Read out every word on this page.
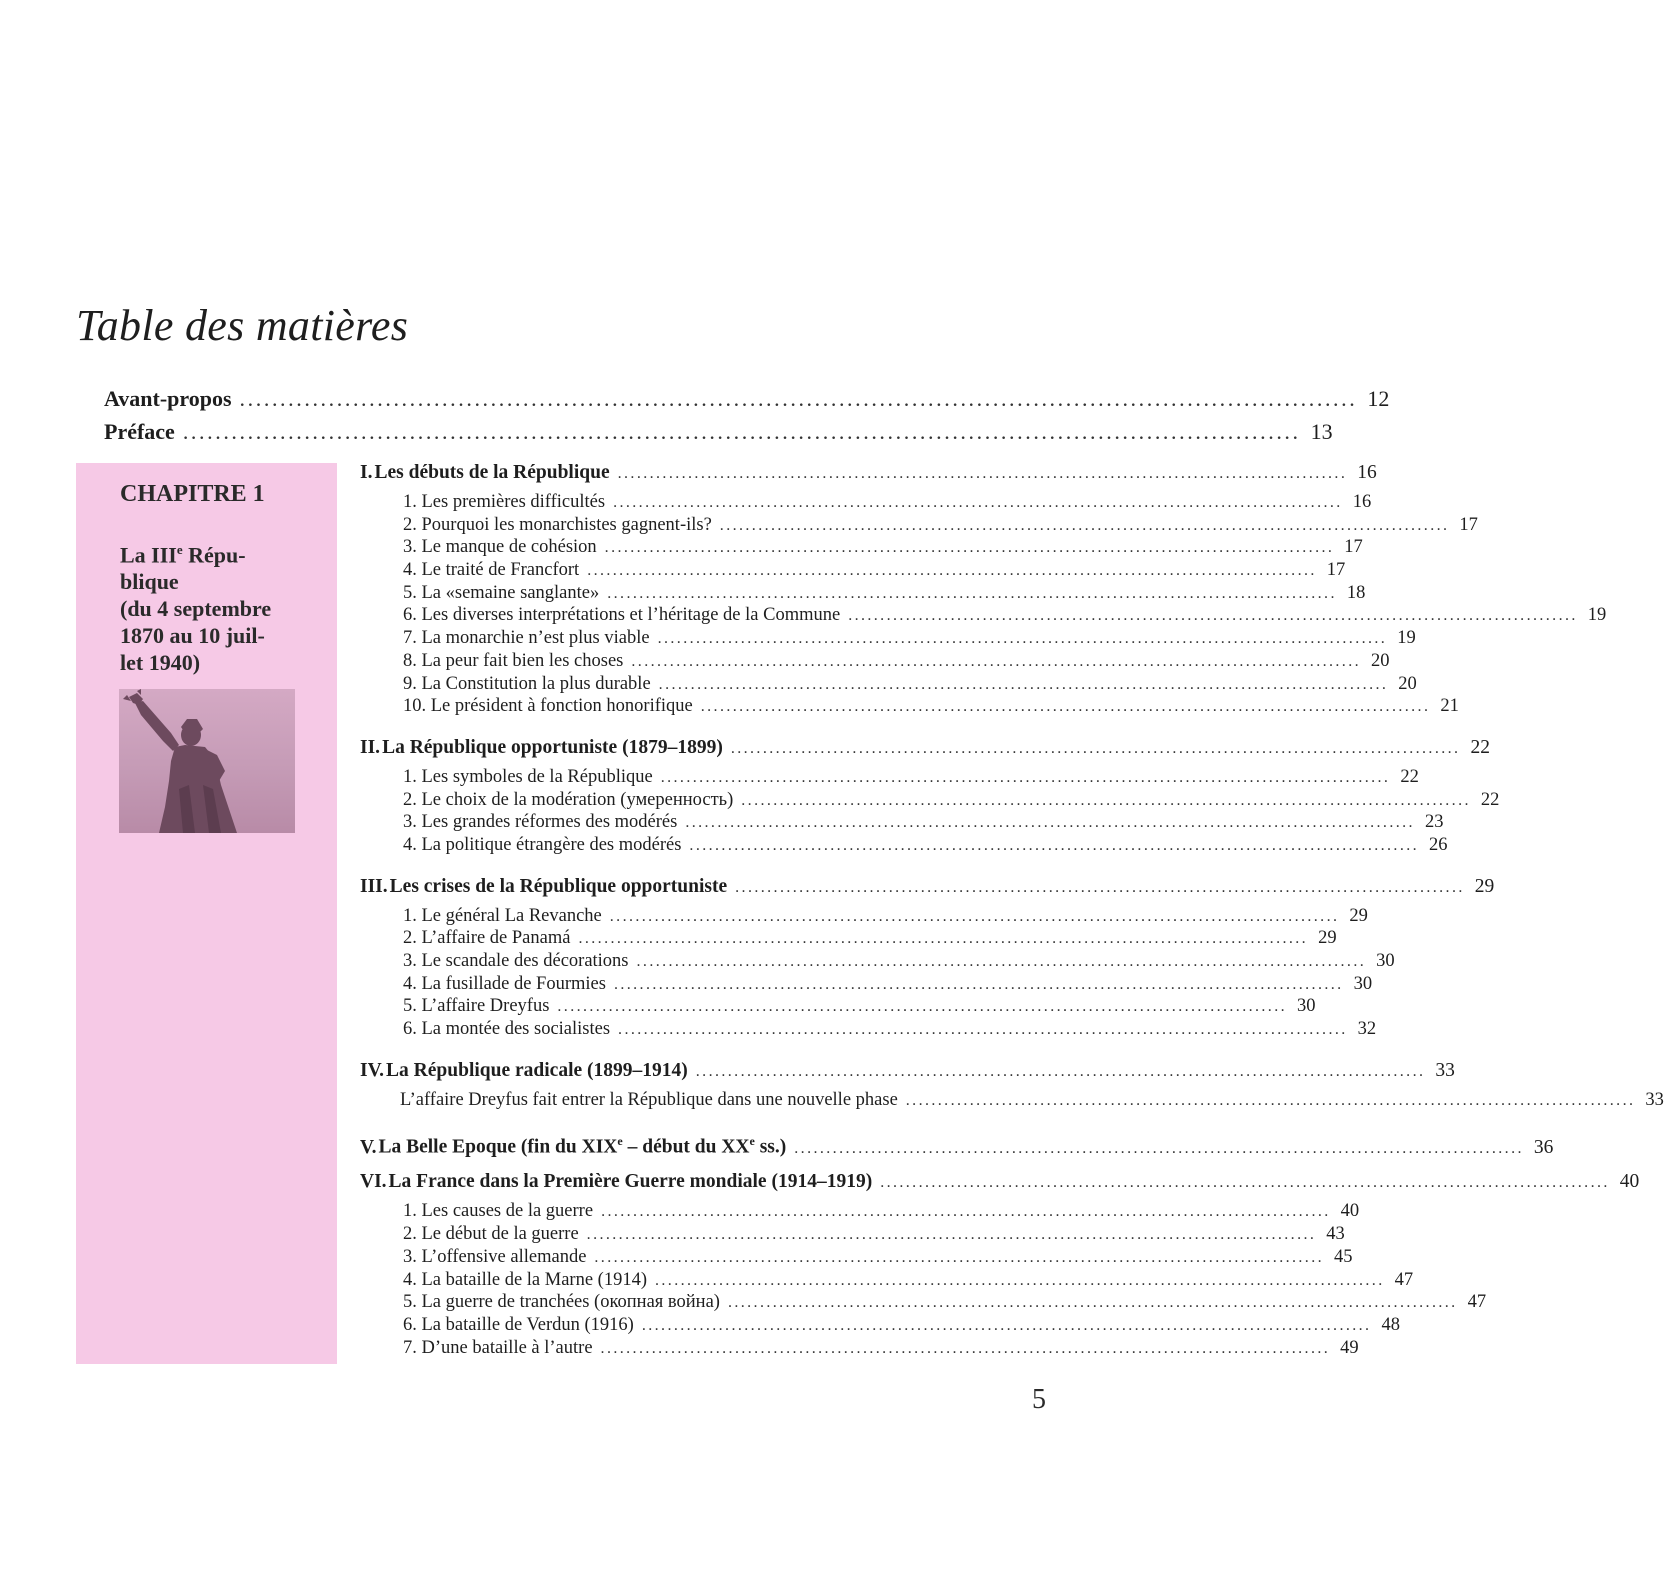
Table des matières
Avant-propos .......................................................................................................................................... 12
Préface .......................................................................................................................................... 13
CHAPITRE 1
La IIIe Répu-
blique
(du 4 septembre
1870 au 10 juil-
let 1940)
I. Les débuts de la République .................................................................................................................. 16
1. Les premières difficultés .................................................................................................................. 16
2. Pourquoi les monarchistes gagnent-ils? .................................................................................................................. 17
3. Le manque de cohésion .................................................................................................................. 17
4. Le traité de Francfort .................................................................................................................. 17
5. La «semaine sanglante» .................................................................................................................. 18
6. Les diverses interprétations et l’héritage de la Commune .................................................................................................................. 19
7. La monarchie n’est plus viable .................................................................................................................. 19
8. La peur fait bien les choses .................................................................................................................. 20
9. La Constitution la plus durable .................................................................................................................. 20
10. Le président à fonction honorifique .................................................................................................................. 21
II. La République opportuniste (1879–1899) .................................................................................................................. 22
1. Les symboles de la République .................................................................................................................. 22
2. Le choix de la modération (умеренность) .................................................................................................................. 22
3. Les grandes réformes des modérés .................................................................................................................. 23
4. La politique étrangère des modérés .................................................................................................................. 26
III. Les crises de la République opportuniste .................................................................................................................. 29
1. Le général La Revanche .................................................................................................................. 29
2. L’affaire de Panamá .................................................................................................................. 29
3. Le scandale des décorations .................................................................................................................. 30
4. La fusillade de Fourmies .................................................................................................................. 30
5. L’affaire Dreyfus .................................................................................................................. 30
6. La montée des socialistes .................................................................................................................. 32
IV. La République radicale (1899–1914) .................................................................................................................. 33
L’affaire Dreyfus fait entrer la République dans une nouvelle phase .................................................................................................................. 33
V. La Belle Epoque (fin du XIXe – début du XXe ss.) .................................................................................................................. 36
VI. La France dans la Première Guerre mondiale (1914–1919) .................................................................................................................. 40
1. Les causes de la guerre .................................................................................................................. 40
2. Le début de la guerre .................................................................................................................. 43
3. L’offensive allemande .................................................................................................................. 45
4. La bataille de la Marne (1914) .................................................................................................................. 47
5. La guerre de tranchées (окопная война) .................................................................................................................. 47
6. La bataille de Verdun (1916) .................................................................................................................. 48
7. D’une bataille à l’autre .................................................................................................................. 49
5
